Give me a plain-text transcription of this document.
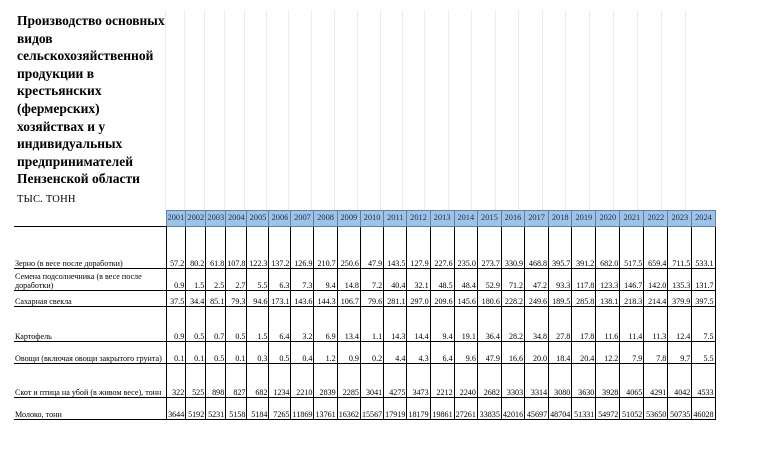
Производство основных видов сельскохозяйственной продукции в крестьянских (фермерских) хозяйствах и у индивидуальных предпринимателей Пензенской области
ТЫС. ТОНН
	2001	2002	2003	2004	2005	2006	2007	2008	2009	2010	2011	2012	2013	2014	2015	2016	2017	2018	2019	2020	2021	2022	2023	2024
Зерно (в весе после доработки)	57.2	80.2	61.8	107.8	122.3	137.2	126.9	210.7	250.6	47.9	143.5	127.9	227.6	235.0	273.7	330.9	468.8	395.7	391.2	682.0	517.5	659.4	711.5	533.1
Семена подсолнечника (в весе после доработки)	0.9	1.5	2.5	2.7	5.5	6.3	7.3	9.4	14.8	7.2	40.4	32.1	48.5	48.4	52.9	71.2	47.2	93.3	117.8	123.3	146.7	142.0	135.3	131.7
Сахарная свекла	37.5	34.4	85.1	79.3	94.6	173.1	143.6	144.3	106.7	79.6	281.1	297.0	209.6	145.6	180.6	228.2	249.6	189.5	285.8	138.1	218.3	214.4	379.9	397.5
Картофель	0.9	0.5	0.7	0.5	1.5	6.4	3.2	6.9	13.4	1.1	14.3	14.4	9.4	19.1	36.4	28.2	34.8	27.8	17.8	11.6	11.4	11.3	12.4	7.5
Овощи (включая овощи закрытого грунта)	0.1	0.1	0.5	0.1	0.3	0.5	0.4	1.2	0.9	0.2	4.4	4.3	6.4	9.6	47.9	16.6	20.0	18.4	20.4	12.2	7.9	7.8	9.7	5.5
Скот и птица на убой (в живом весе), тонн	322	525	898	827	682	1234	2210	2839	2285	3041	4275	3473	2212	2240	2682	3303	3314	3080	3630	3928	4065	4291	4042	4533
Молоко, тонн	3644	5192	5231	5158	5184	7265	11869	13761	16362	15567	17919	18179	19861	27261	33835	42016	45697	48704	51331	54972	51052	53650	50735	46028
